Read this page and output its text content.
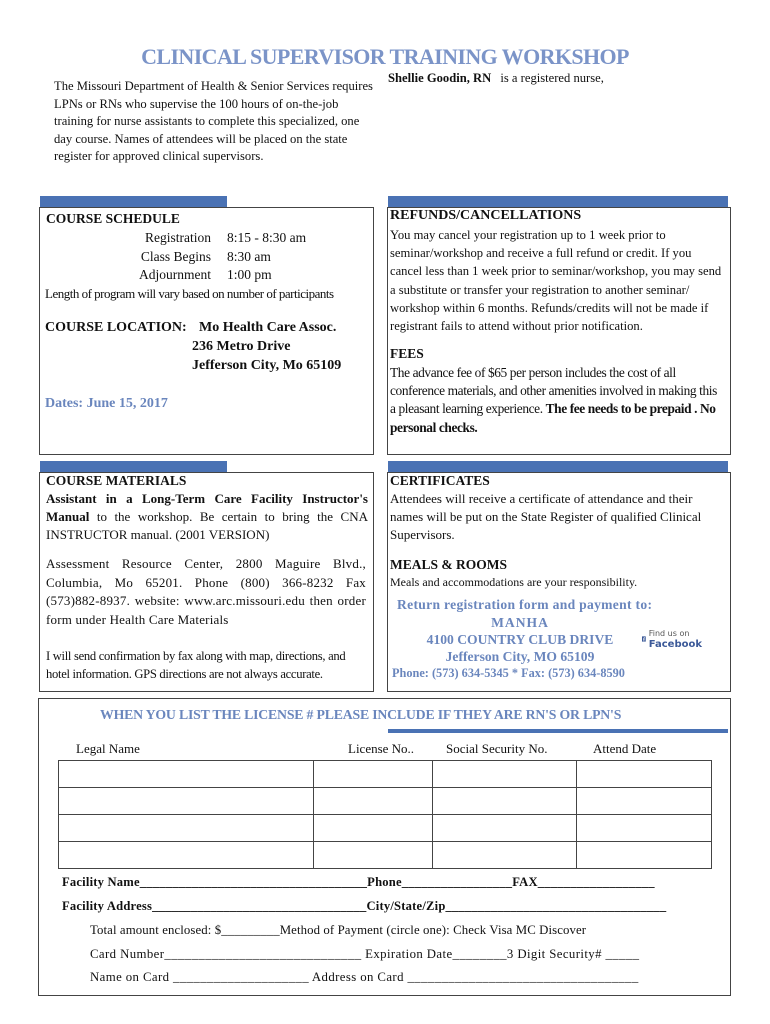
CLINICAL SUPERVISOR TRAINING WORKSHOP
The Missouri Department of Health & Senior Services requires LPNs or RNs who supervise the 100 hours of on-the-job training for nurse assistants to complete this specialized, one day course. Names of attendees will be placed on the state register for approved clinical supervisors.
Shellie Goodin, RN is a registered nurse,
COURSE SCHEDULE
Registration	8:15 - 8:30 am
Class Begins	8:30 am
Adjournment	1:00 pm
Length of program will vary based on number of participants
COURSE LOCATION: Mo Health Care Assoc.
236 Metro Drive
Jefferson City, Mo 65109
Dates: June 15, 2017
REFUNDS/CANCELLATIONS
You may cancel your registration up to 1 week prior to seminar/workshop and receive a full refund or credit. If you cancel less than 1 week prior to seminar/workshop, you may send a substitute or transfer your registration to another seminar/ workshop within 6 months. Refunds/credits will not be made if registrant fails to attend without prior notification.
FEES
The advance fee of $65 per person includes the cost of all conference materials, and other amenities involved in making this a pleasant learning experience. The fee needs to be prepaid . No personal checks.
COURSE MATERIALS
Assistant in a Long-Term Care Facility Instructor's Manual to the workshop. Be certain to bring the CNA INSTRUCTOR manual. (2001 VERSION)
Assessment Resource Center, 2800 Maguire Blvd., Columbia, Mo 65201. Phone (800) 366-8232 Fax (573)882-8937. website: www.arc.missouri.edu then order form under Health Care Materials
I will send confirmation by fax along with map, directions, and hotel information. GPS directions are not always accurate.
CERTIFICATES
Attendees will receive a certificate of attendance and their names will be put on the State Register of qualified Clinical Supervisors.
MEALS & ROOMS
Meals and accommodations are your responsibility.
Return registration form and payment to:
MANHA
4100 COUNTRY CLUB DRIVE
Jefferson City, MO 65109
Phone: (573) 634-5345 * Fax: (573) 634-8590
Find us on
Facebook
WHEN YOU LIST THE LICENSE # PLEASE INCLUDE IF THEY ARE RN'S OR LPN'S
Legal Name	License No.. Social Security No.	Attend Date

Facility Name___________________________________Phone_________________FAX__________________
Facility Address_________________________________City/State/Zip__________________________________
Total amount enclosed: $_________Method of Payment (circle one): Check Visa MC Discover
Card Number_____________________________ Expiration Date________3 Digit Security# _____
Name on Card ____________________ Address on Card __________________________________
